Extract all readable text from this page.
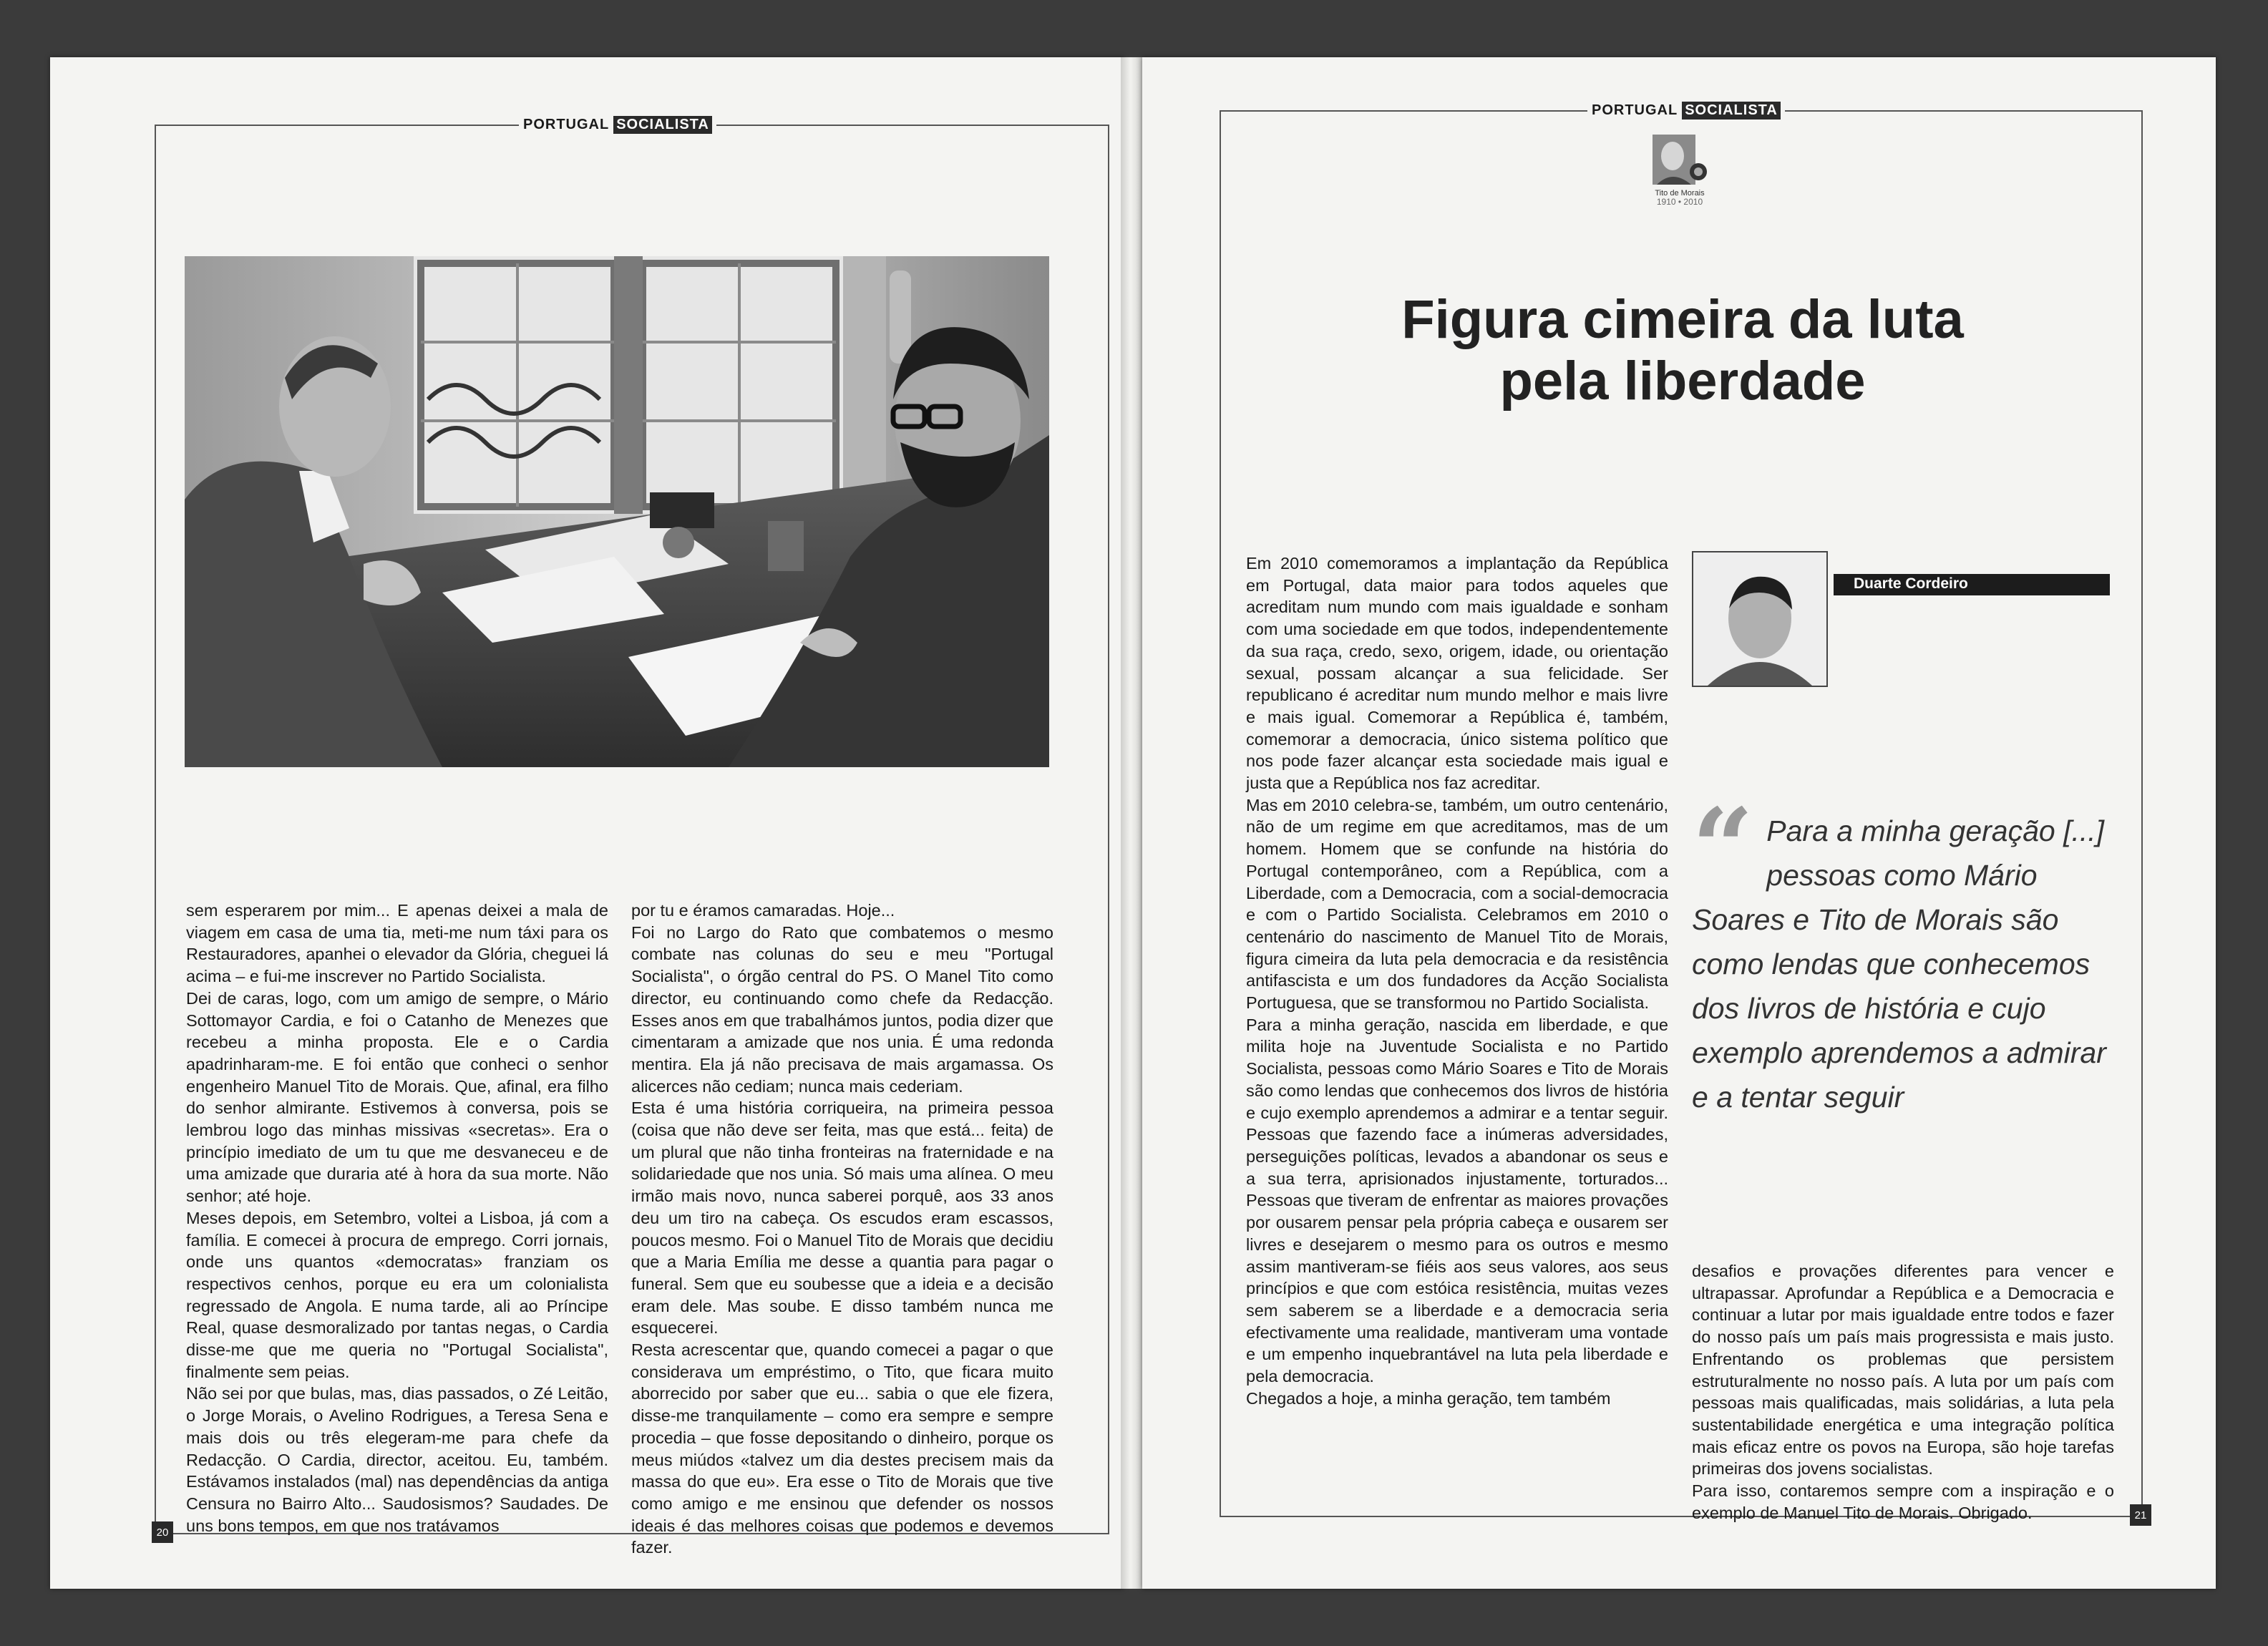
PORTUGAL SOCIALISTA

sem esperarem por mim... E apenas deixei a mala de viagem em casa de uma tia, meti-me num táxi para os Restauradores, apanhei o elevador da Glória, cheguei lá acima – e fui-me inscrever no Partido Socialista.

Dei de caras, logo, com um amigo de sempre, o Mário Sottomayor Cardia, e foi o Catanho de Menezes que recebeu a minha proposta. Ele e o Cardia apadrinharam-me. E foi então que conheci o senhor engenheiro Manuel Tito de Morais. Que, afinal, era filho do senhor almirante. Estivemos à conversa, pois se lembrou logo das minhas missivas «secretas». Era o princípio imediato de um tu que me desvaneceu e de uma amizade que duraria até à hora da sua morte. Não senhor; até hoje.

Meses depois, em Setembro, voltei a Lisboa, já com a família. E comecei à procura de emprego. Corri jornais, onde uns quantos «democratas» franziam os respectivos cenhos, porque eu era um colonialista regressado de Angola. E numa tarde, ali ao Príncipe Real, quase desmoralizado por tantas negas, o Cardia disse-me que me queria no "Portugal Socialista", finalmente sem peias.

Não sei por que bulas, mas, dias passados, o Zé Leitão, o Jorge Morais, o Avelino Rodrigues, a Teresa Sena e mais dois ou três elegeram-me para chefe da Redacção. O Cardia, director, aceitou. Eu, também. Estávamos instalados (mal) nas dependências da antiga Censura no Bairro Alto... Saudosismos? Saudades. De uns bons tempos, em que nos tratávamos

por tu e éramos camaradas. Hoje...

Foi no Largo do Rato que combatemos o mesmo combate nas colunas do seu e meu "Portugal Socialista", o órgão central do PS. O Manel Tito como director, eu continuando como chefe da Redacção. Esses anos em que trabalhámos juntos, podia dizer que cimentaram a amizade que nos unia. É uma redonda mentira. Ela já não precisava de mais argamassa. Os alicerces não cediam; nunca mais cederiam.

Esta é uma história corriqueira, na primeira pessoa (coisa que não deve ser feita, mas que está... feita) de um plural que não tinha fronteiras na fraternidade e na solidariedade que nos unia. Só mais uma alínea. O meu irmão mais novo, nunca saberei porquê, aos 33 anos deu um tiro na cabeça. Os escudos eram escassos, poucos mesmo. Foi o Manuel Tito de Morais que decidiu que a Maria Emília me desse a quantia para pagar o funeral. Sem que eu soubesse que a ideia e a decisão eram dele. Mas soube. E disso também nunca me esquecerei.

Resta acrescentar que, quando comecei a pagar o que considerava um empréstimo, o Tito, que ficara muito aborrecido por saber que eu... sabia o que ele fizera, disse-me tranquilamente – como era sempre e sempre procedia – que fosse depositando o dinheiro, porque os meus miúdos «talvez um dia destes precisem mais da massa do que eu». Era esse o Tito de Morais que tive como amigo e me ensinou que defender os nossos ideais é das melhores coisas que podemos e devemos fazer.

20
PORTUGAL SOCIALISTA
Tito de Morais
1910 • 2010
Figura cimeira da luta
pela liberdade

Em 2010 comemoramos a implantação da República em Portugal, data maior para todos aqueles que acreditam num mundo com mais igualdade e sonham com uma sociedade em que todos, independentemente da sua raça, credo, sexo, origem, idade, ou orientação sexual, possam alcançar a sua felicidade. Ser republicano é acreditar num mundo melhor e mais livre e mais igual. Comemorar a República é, também, comemorar a democracia, único sistema político que nos pode fazer alcançar esta sociedade mais igual e justa que a República nos faz acreditar.

Mas em 2010 celebra-se, também, um outro centenário, não de um regime em que acreditamos, mas de um homem. Homem que se confunde na história do Portugal contemporâneo, com a República, com a Liberdade, com a Democracia, com a social-democracia e com o Partido Socialista. Celebramos em 2010 o centenário do nascimento de Manuel Tito de Morais, figura cimeira da luta pela democracia e da resistência antifascista e um dos fundadores da Acção Socialista Portuguesa, que se transformou no Partido Socialista.

Para a minha geração, nascida em liberdade, e que milita hoje na Juventude Socialista e no Partido Socialista, pessoas como Mário Soares e Tito de Morais são como lendas que conhecemos dos livros de história e cujo exemplo aprendemos a admirar e a tentar seguir. Pessoas que fazendo face a inúmeras adversidades, perseguições políticas, levados a abandonar os seus e a sua terra, aprisionados injustamente, torturados... Pessoas que tiveram de enfrentar as maiores provações por ousarem pensar pela própria cabeça e ousarem ser livres e desejarem o mesmo para os outros e mesmo assim mantiveram-se fiéis aos seus valores, aos seus princípios e que com estóica resistência, muitas vezes sem saberem se a liberdade e a democracia seria efectivamente uma realidade, mantiveram uma vontade e um empenho inquebrantável na luta pela liberdade e pela democracia.

Chegados a hoje, a minha geração, tem também

Duarte Cordeiro
“ Para a minha geração [...] pessoas como Mário Soares e Tito de Morais são como lendas que conhecemos dos livros de história e cujo exemplo aprendemos a admirar e a tentar seguir

desafios e provações diferentes para vencer e ultrapassar. Aprofundar a República e a Democracia e continuar a lutar por mais igualdade entre todos e fazer do nosso país um país mais progressista e mais justo. Enfrentando os problemas que persistem estruturalmente no nosso país. A luta por um país com pessoas mais qualificadas, mais solidárias, a luta pela sustentabilidade energética e uma integração política mais eficaz entre os povos na Europa, são hoje tarefas primeiras dos jovens socialistas.

Para isso, contaremos sempre com a inspiração e o exemplo de Manuel Tito de Morais. Obrigado.	21
